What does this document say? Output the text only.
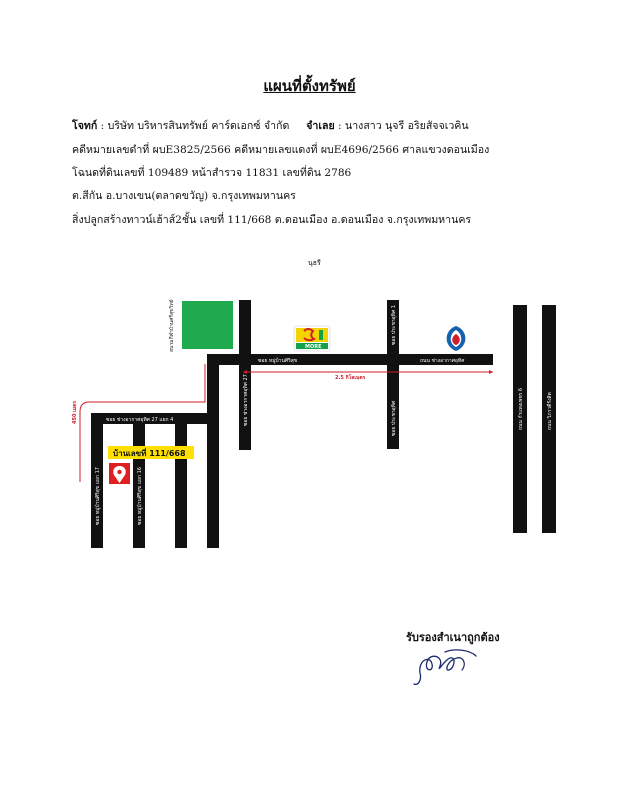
แผนที่ตั้งทรัพย์
โจทก์ : บริษัท บริหารสินทรัพย์ คาร์ดเอกซ์ จำกัด จำเลย : นางสาว นุจรี อริยสัจจเวคิน
คดีหมายเลขดำที่ ผบE3825/2566 คดีหมายเลขแดงที่ ผบE4696/2566 ศาลแขวงดอนเมือง
โฉนดที่ดินเลขที่ 109489 หน้าสำรวจ 11831 เลขที่ดิน 2786
ต.สีกัน อ.บางเขน(ตลาดขวัญ) จ.กรุงเทพมหานคร
สิ่งปลูกสร้างทาวน์เฮ้าส์2ชั้น เลขที่ 111/668 ต.ดอนเมือง อ.ดอนเมือง จ.กรุงเทพมหานคร
นุธรี
2.5 กิโลเมตร
450 เมตร
ซอย หมู่บ้านศิริสุข	ถนน ช่างอากาศอุทิศ
ซอย ช่างอากาศอุทิศ 27
ซอย ช่างอากาศอุทิศ 27 แยก 4
ซอย ประชาอุทิศ 1
ซอย ประชาอุทิศ
ซอย หมู่บ้านศิริสุข แยก 17	ซอย หมู่บ้านศิริสุข แยก 16
ถนน กำแพงเพชร 6	ถนน วิภาวดีรังสิต
สนามกีฬาบ้านศรีสุขวิทย์	MORE
บ้านเลขที่ 111/668
รับรองสำเนาถูกต้อง
